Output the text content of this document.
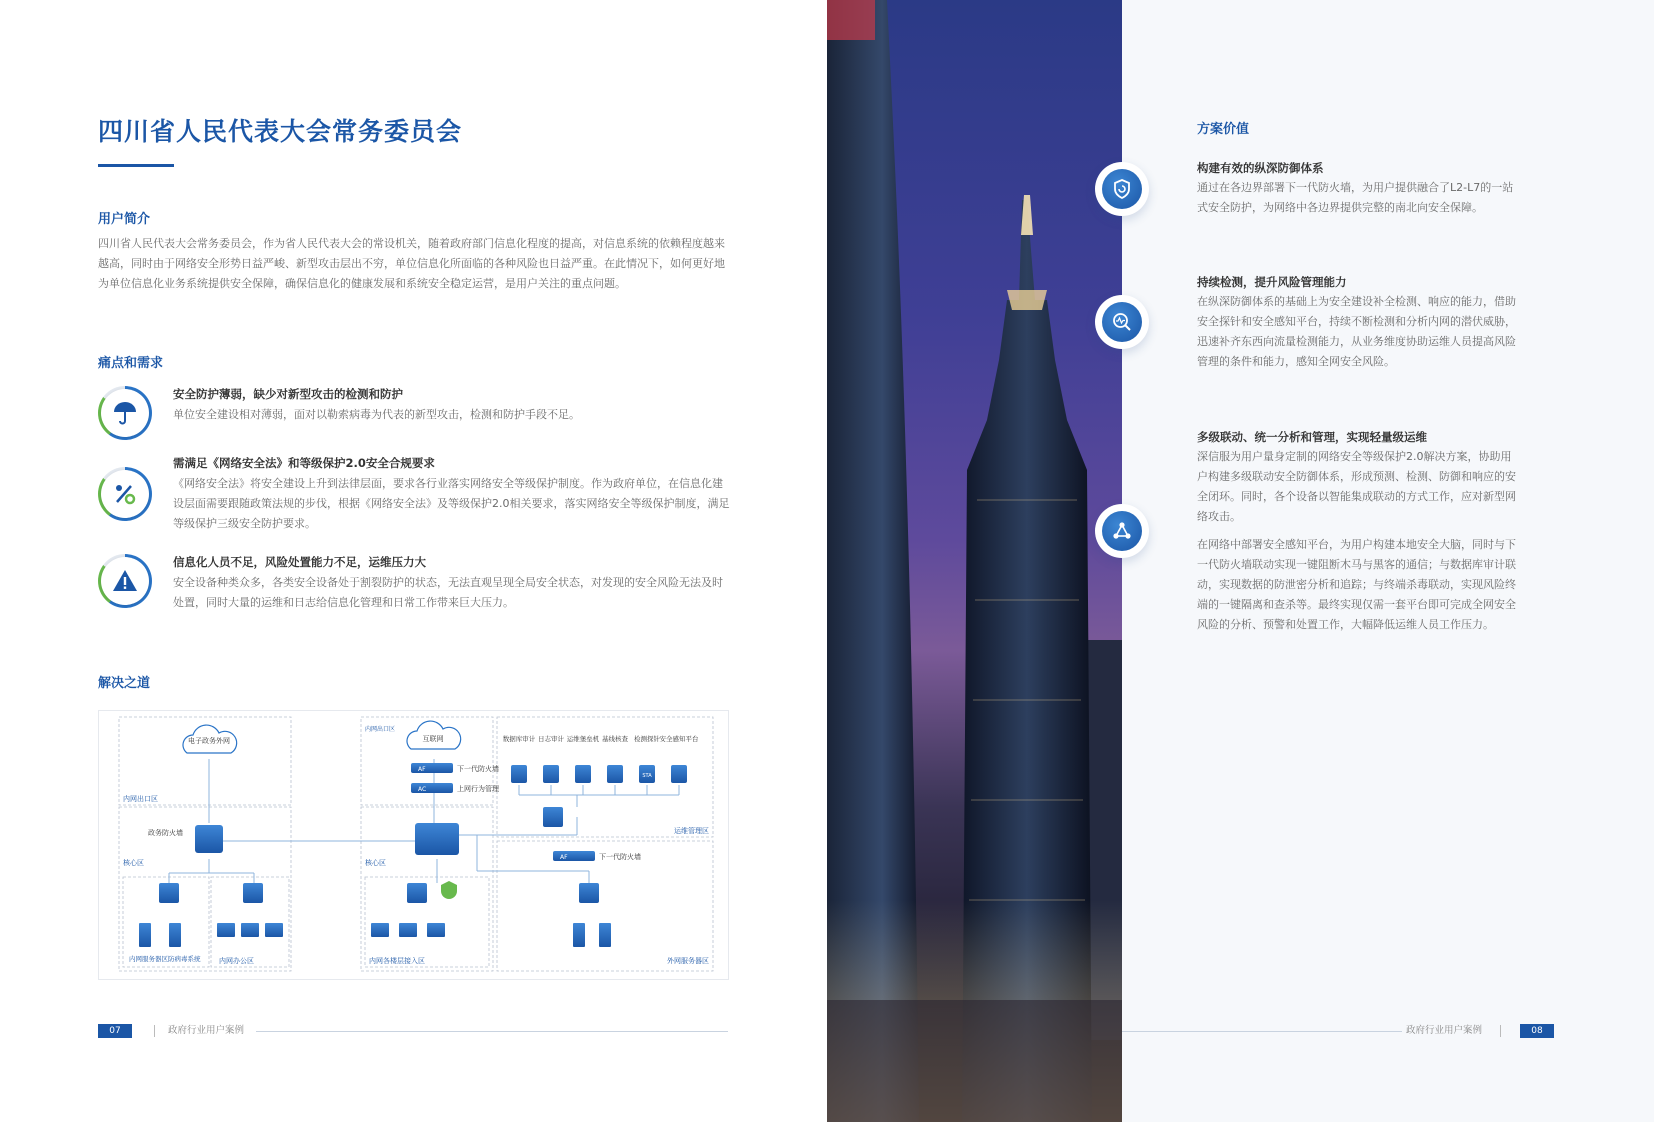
四川省人民代表大会常务委员会
用户简介
四川省人民代表大会常务委员会，作为省人民代表大会的常设机关，随着政府部门信息化程度的提高，对信息系统的依赖程度越来越高，同时由于网络安全形势日益严峻、新型攻击层出不穷，单位信息化所面临的各种风险也日益严重。在此情况下，如何更好地为单位信息化业务系统提供安全保障，确保信息化的健康发展和系统安全稳定运营，是用户关注的重点问题。
痛点和需求
安全防护薄弱，缺少对新型攻击的检测和防护
单位安全建设相对薄弱，面对以勒索病毒为代表的新型攻击，检测和防护手段不足。
需满足《网络安全法》和等级保护2.0安全合规要求
《网络安全法》将安全建设上升到法律层面，要求各行业落实网络安全等级保护制度。作为政府单位，在信息化建设层面需要跟随政策法规的步伐，根据《网络安全法》及等级保护2.0相关要求，落实网络安全等级保护制度，满足等级保护三级安全防护要求。
信息化人员不足，风险处置能力不足，运维压力大
安全设备种类众多，各类安全设备处于割裂防护的状态，无法直观呈现全局安全状态，对发现的安全风险无法及时处置，同时大量的运维和日志给信息化管理和日常工作带来巨大压力。
解决之道
电子政务外网	互联网
AF	下一代防火墙
AC	上网行为管理
政务防火墙
AF	下一代防火墙
STA
数据库审计 日志审计 运维堡垒机 基线核查 检测探针 安全感知平台
内网出口区
核心区	核心区
运维管理区
内网服务器区防病毒系统	内网办公区	内网各楼层接入区	外网服务器区
内网出口区
07	政府行业用户案例
方案价值
构建有效的纵深防御体系
通过在各边界部署下一代防火墙，为用户提供融合了L2-L7的一站式安全防护，为网络中各边界提供完整的南北向安全保障。
持续检测，提升风险管理能力
在纵深防御体系的基础上为安全建设补全检测、响应的能力，借助安全探针和安全感知平台，持续不断检测和分析内网的潜伏威胁，迅速补齐东西向流量检测能力，从业务维度协助运维人员提高风险管理的条件和能力，感知全网安全风险。
多级联动、统一分析和管理，实现轻量级运维
深信服为用户量身定制的网络安全等级保护2.0解决方案，协助用户构建多级联动安全防御体系，形成预测、检测、防御和响应的安全闭环。同时，各个设备以智能集成联动的方式工作，应对新型网络攻击。
在网络中部署安全感知平台，为用户构建本地安全大脑，同时与下一代防火墙联动实现一键阻断木马与黑客的通信；与数据库审计联动，实现数据的防泄密分析和追踪；与终端杀毒联动，实现风险终端的一键隔离和查杀等。最终实现仅需一套平台即可完成全网安全风险的分析、预警和处置工作，大幅降低运维人员工作压力。
政府行业用户案例	08
